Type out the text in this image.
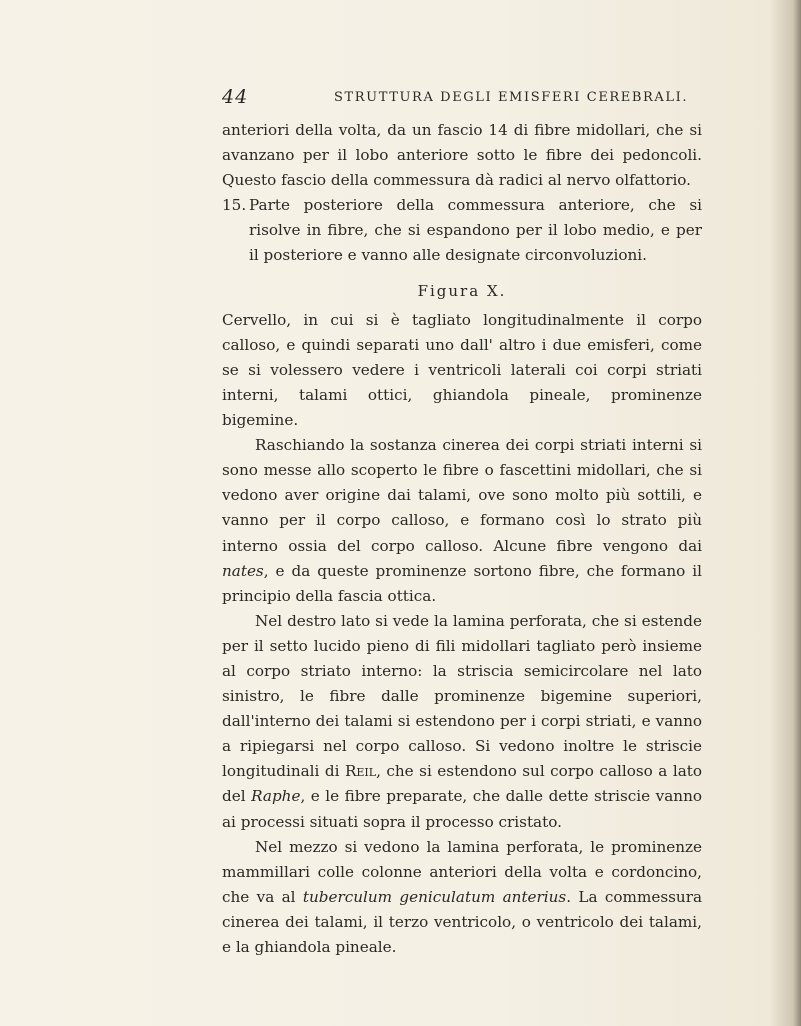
44	STRUTTURA DEGLI EMISFERI CEREBRALI.

anteriori della volta, da un fascio 14 di fibre midollari, che si avanzano per il lobo anteriore sotto le fibre dei pedoncoli. Questo fascio della commessura dà radici al nervo olfattorio.

15. Parte posteriore della commessura anteriore, che si risolve in fibre, che si espandono per il lobo medio, e per il posteriore e vanno alle designate circonvoluzioni.

Figura X.

Cervello, in cui si è tagliato longitudinalmente il corpo calloso, e quindi separati uno dall' altro i due emisferi, come se si volessero vedere i ventricoli laterali coi corpi striati interni, talami ottici, ghiandola pineale, prominenze bigemine.

Raschiando la sostanza cinerea dei corpi striati interni si sono messe allo scoperto le fibre o fascettini midollari, che si vedono aver origine dai talami, ove sono molto più sottili, e vanno per il corpo calloso, e formano così lo strato più interno ossia del corpo calloso. Alcune fibre vengono dai nates, e da queste prominenze sortono fibre, che formano il principio della fascia ottica.

Nel destro lato si vede la lamina perforata, che si estende per il setto lucido pieno di fili midollari tagliato però insieme al corpo striato interno: la striscia semicircolare nel lato sinistro, le fibre dalle prominenze bigemine superiori, dall'interno dei talami si estendono per i corpi striati, e vanno a ripiegarsi nel corpo calloso. Si vedono inoltre le striscie longitudinali di Reil, che si estendono sul corpo calloso a lato del Raphe, e le fibre preparate, che dalle dette striscie vanno ai processi situati sopra il processo cristato.

Nel mezzo si vedono la lamina perforata, le prominenze mammillari colle colonne anteriori della volta e cordoncino, che va al tuberculum geniculatum anterius. La commessura cinerea dei talami, il terzo ventricolo, o ventricolo dei talami, e la ghiandola pineale.
